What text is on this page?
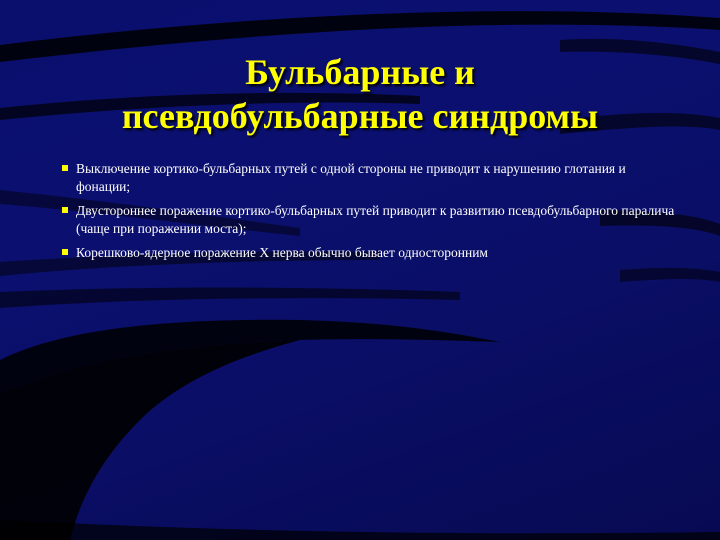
Бульбарные и
псевдобульбарные синдромы
Выключение кортико-бульбарных путей с одной стороны не приводит к нарушению глотания и фонации;
Двустороннее поражение кортико-бульбарных путей приводит к развитию псевдобульбарного паралича (чаще при поражении моста);
Корешково-ядерное поражение Х нерва обычно бывает односторонним
